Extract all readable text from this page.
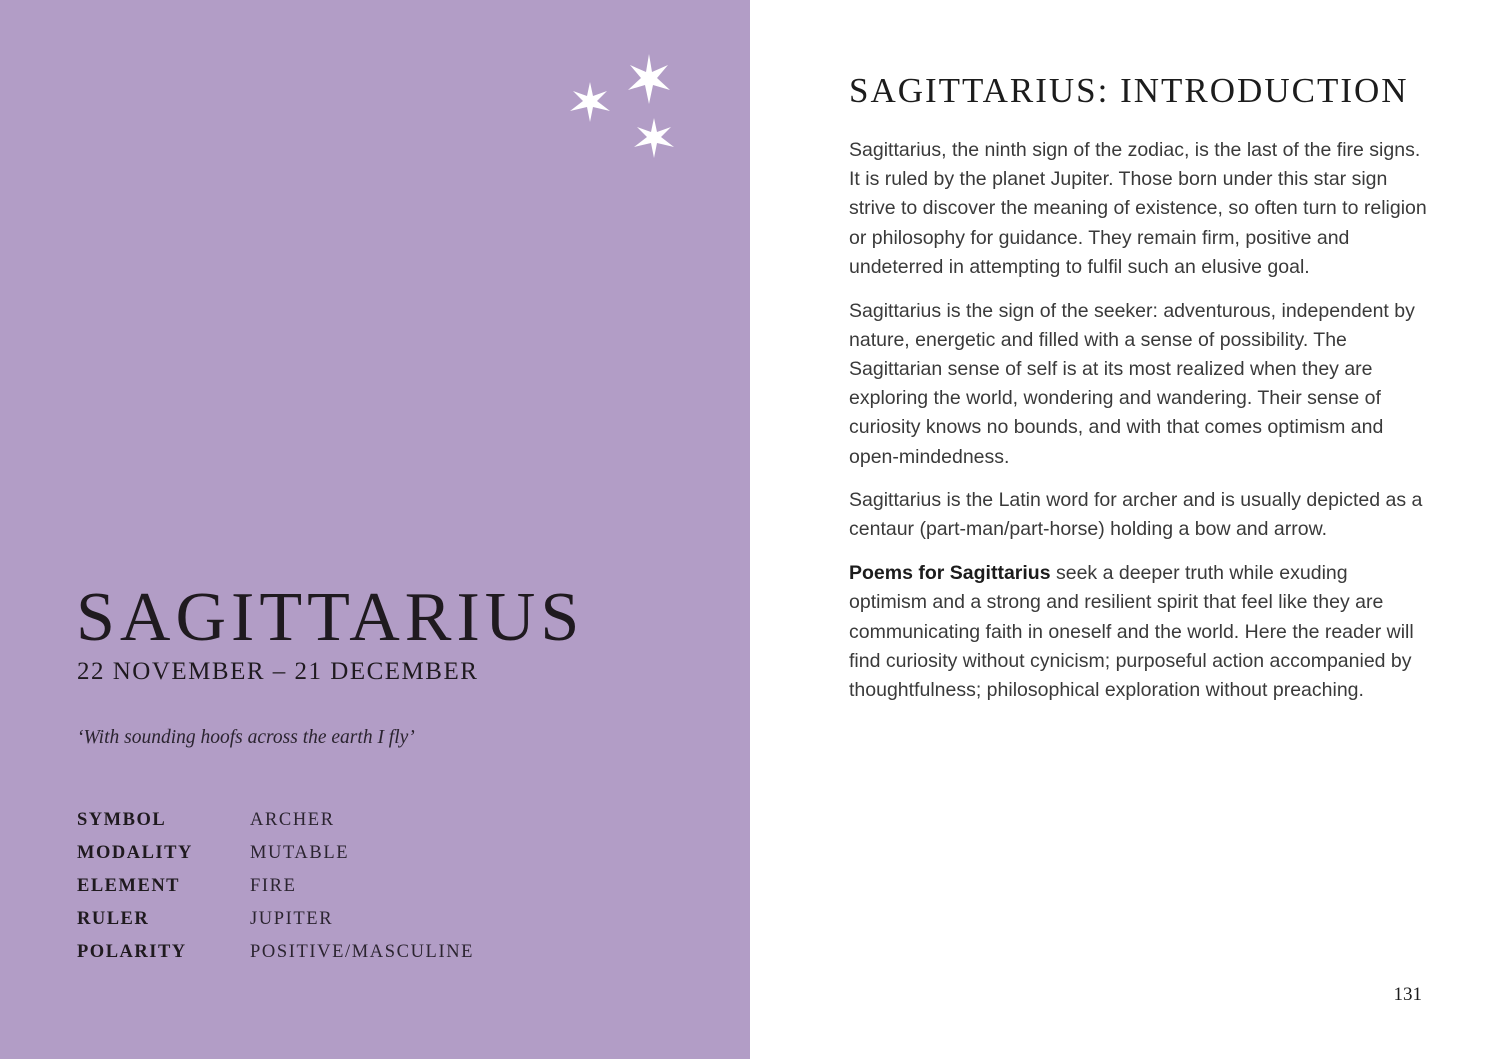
SAGITTARIUS
22 NOVEMBER – 21 DECEMBER
‘With sounding hoofs across the earth I fly’
SYMBOL	ARCHER
MODALITY	MUTABLE
ELEMENT	FIRE
RULER	JUPITER
POLARITY	POSITIVE/MASCULINE
SAGITTARIUS: INTRODUCTION

Sagittarius, the ninth sign of the zodiac, is the last of the fire signs. It is ruled by the planet Jupiter. Those born under this star sign strive to discover the meaning of existence, so often turn to religion or philosophy for guidance. They remain firm, positive and undeterred in attempting to fulfil such an elusive goal.

Sagittarius is the sign of the seeker: adventurous, independent by nature, energetic and filled with a sense of possibility. The Sagittarian sense of self is at its most realized when they are exploring the world, wondering and wandering. Their sense of curiosity knows no bounds, and with that comes optimism and open-mindedness.

Sagittarius is the Latin word for archer and is usually depicted as a centaur (part-man/part-horse) holding a bow and arrow.

Poems for Sagittarius seek a deeper truth while exuding optimism and a strong and resilient spirit that feel like they are communicating faith in oneself and the world. Here the reader will find curiosity without cynicism; purposeful action accompanied by thoughtfulness; philosophical exploration without preaching.

131
